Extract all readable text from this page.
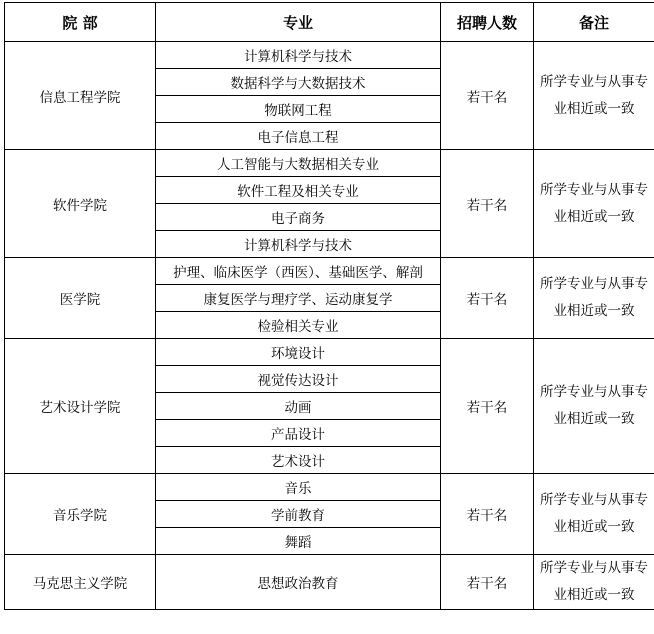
院 部	专业	招聘人数	备注
信息工程学院	计算机科学与技术	若干名	所学专业与从事专
业相近或一致
	数据科学与大数据技术		
	物联网工程		
	电子信息工程		
软件学院	人工智能与大数据相关专业	若干名	所学专业与从事专
业相近或一致
	软件工程及相关专业		
	电子商务		
	计算机科学与技术		
医学院	护理、临床医学（西医）、基础医学、解剖	若干名	所学专业与从事专
业相近或一致
	康复医学与理疗学、运动康复学		
	检验相关专业		
艺术设计学院	环境设计	若干名	所学专业与从事专
业相近或一致
	视觉传达设计		
	动画		
	产品设计		
	艺术设计		
音乐学院	音乐	若干名	所学专业与从事专
业相近或一致
	学前教育		
	舞蹈		
马克思主义学院	思想政治教育	若干名	所学专业与从事专
业相近或一致
